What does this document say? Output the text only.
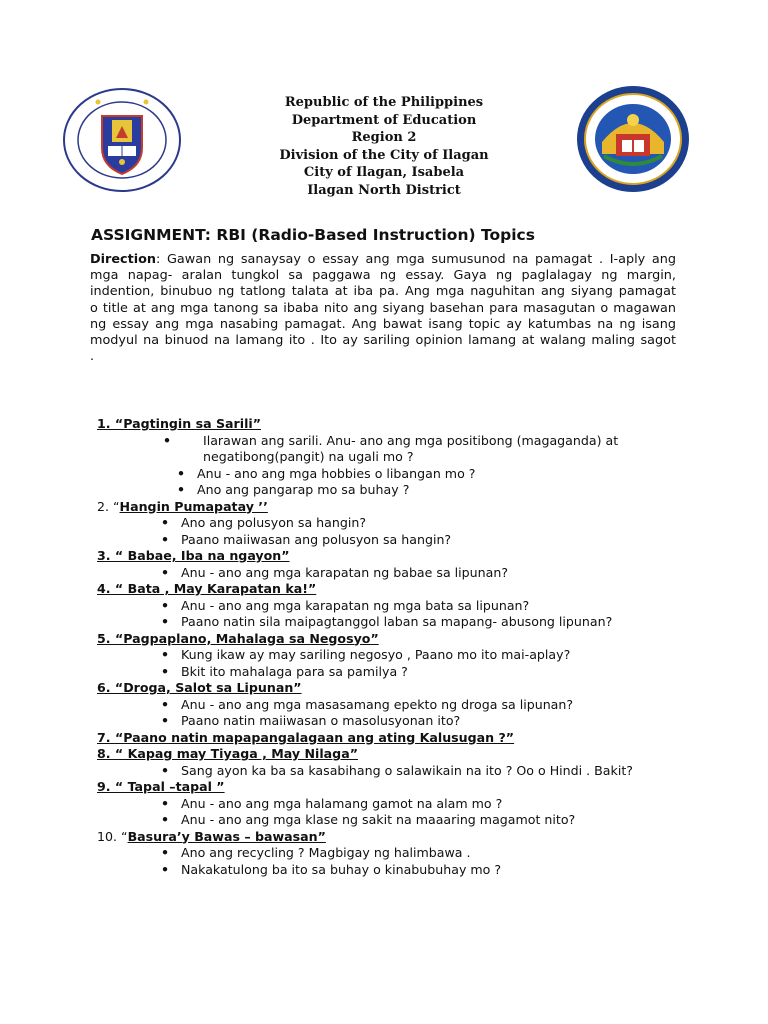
Republic of the Philippines
Department of Education
Region 2
Division of the City of Ilagan
City of Ilagan, Isabela
Ilagan North District
ASSIGNMENT: RBI (Radio-Based Instruction) Topics
Direction: Gawan ng sanaysay o essay ang mga sumusunod na pamagat . I-aply ang mga napag- aralan tungkol sa paggawa ng essay. Gaya ng paglalagay ng margin, indention, binubuo ng tatlong talata at iba pa. Ang mga naguhitan ang siyang pamagat o title at ang mga tanong sa ibaba nito ang siyang basehan para masagutan o magawan ng essay ang mga nasabing pamagat. Ang bawat isang topic ay katumbas na ng isang modyul na binuod na lamang ito . Ito ay sariling opinion lamang at walang maling sagot .
1. “Pagtingin sa Sarili”
• Ilarawan ang sarili. Anu- ano ang mga positibong (magaganda) at negatibong(pangit) na ugali mo ?
• Anu - ano ang mga hobbies o libangan mo ?
• Ano ang pangarap mo sa buhay ?
2. “Hangin Pumapatay ’’
• Ano ang polusyon sa hangin?
• Paano maiiwasan ang polusyon sa hangin?
3. “ Babae, Iba na ngayon”
• Anu - ano ang mga karapatan ng babae sa lipunan?
4. “ Bata , May Karapatan ka!”
• Anu - ano ang mga karapatan ng mga bata sa lipunan?
• Paano natin sila maipagtanggol laban sa mapang- abusong lipunan?
5. “Pagpaplano, Mahalaga sa Negosyo”
• Kung ikaw ay may sariling negosyo , Paano mo ito mai-aplay?
• Bkit ito mahalaga para sa pamilya ?
6. “Droga, Salot sa Lipunan”
• Anu - ano ang mga masasamang epekto ng droga sa lipunan?
• Paano natin maiiwasan o masolusyonan ito?
7. “Paano natin mapapangalagaan ang ating Kalusugan ?”
8. “ Kapag may Tiyaga , May Nilaga”
• Sang ayon ka ba sa kasabihang o salawikain na ito ? Oo o Hindi . Bakit?
9. “ Tapal –tapal ”
• Anu - ano ang mga halamang gamot na alam mo ?
• Anu - ano ang mga klase ng sakit na maaaring magamot nito?
10. “Basura’y Bawas – bawasan”
• Ano ang recycling ? Magbigay ng halimbawa .
• Nakakatulong ba ito sa buhay o kinabubuhay mo ?
